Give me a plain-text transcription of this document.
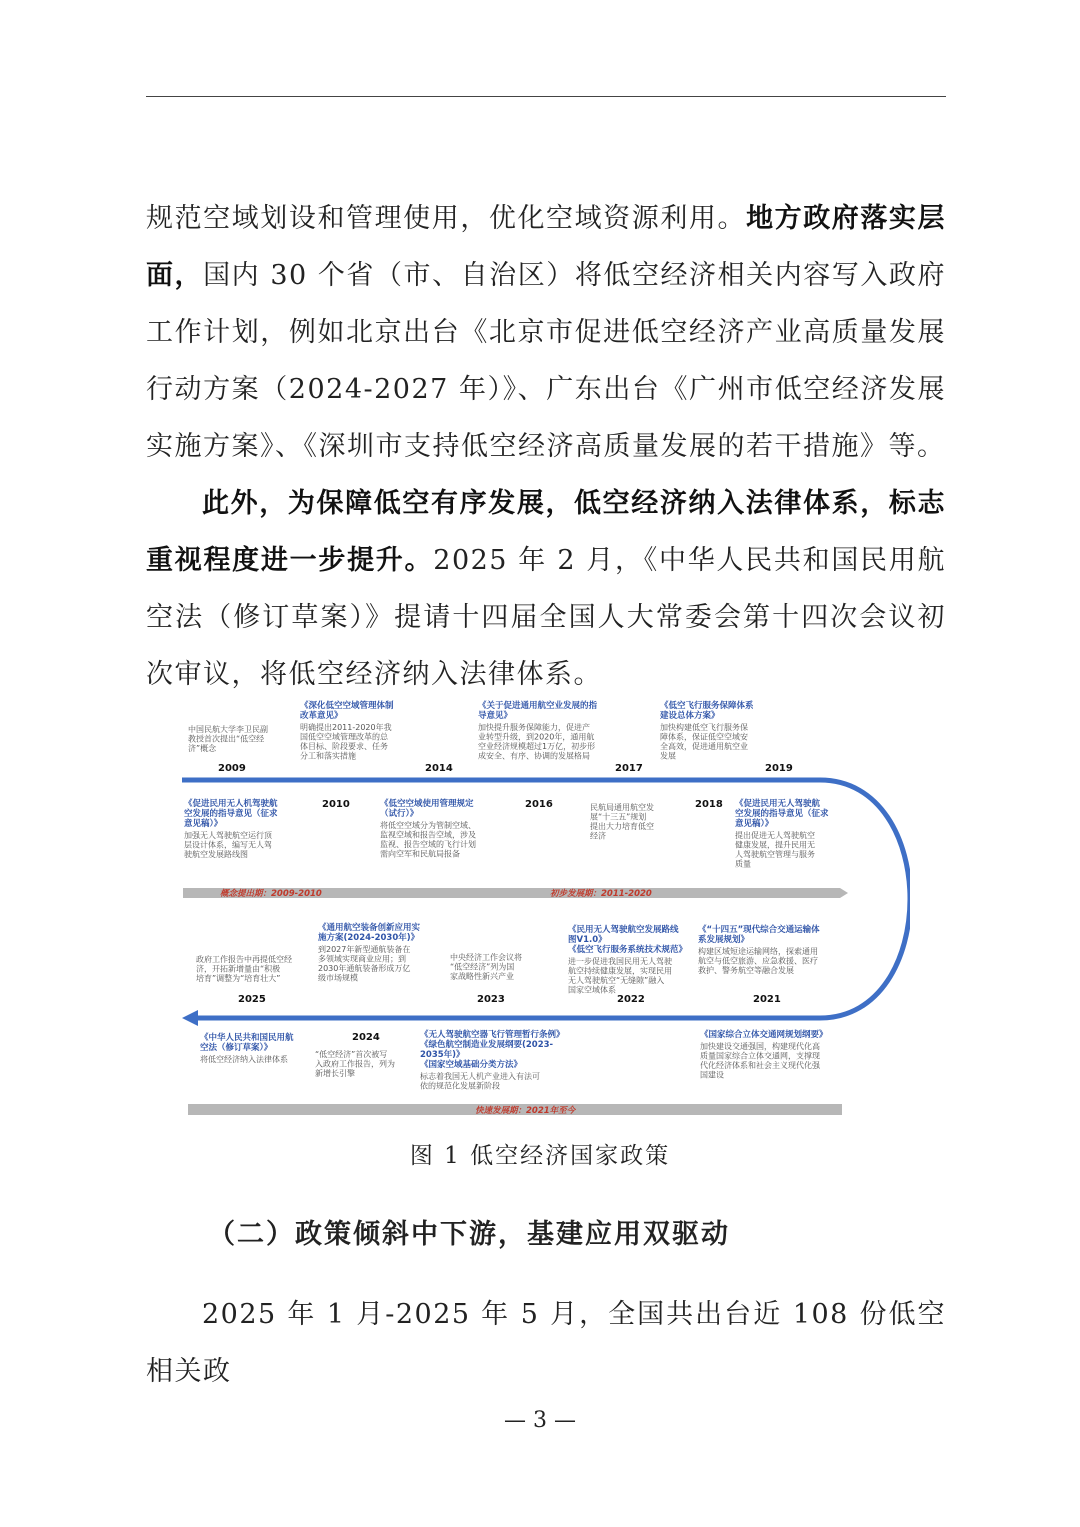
规范空域划设和管理使用，优化空域资源利用。地方政府落实层面，国内 30 个省（市、自治区）将低空经济相关内容写入政府工作计划，例如北京出台《北京市促进低空经济产业高质量发展行动方案（2024-2027 年）》、广东出台《广州市低空经济发展实施方案》、《深圳市支持低空经济高质量发展的若干措施》等。

此外，为保障低空有序发展，低空经济纳入法律体系，标志重视程度进一步提升。2025 年 2 月，《中华人民共和国民用航空法（修订草案）》提请十四届全国人大常委会第十四次会议初次审议，将低空经济纳入法律体系。

概念提出期：2009-2010	初步发展期：2011-2020
快速发展期：2021年至今
中国民航大学李卫民副
教授首次提出“低空经
济”概念
2009
《深化低空空域管理体制
改革意见》
明确提出2011-2020年我
国低空空域管理改革的总
体目标、阶段要求、任务
分工和落实措施
2014
《关于促进通用航空业发展的指
导意见》
加快提升服务保障能力，促进产
业转型升级，到2020年，通用航
空业经济规模超过1万亿，初步形
成安全、有序、协调的发展格局
2017
《低空飞行服务保障体系
建设总体方案》
加快构建低空飞行服务保
障体系，保证低空空域安
全高效，促进通用航空业
发展
2019
《促进民用无人机驾驶航
空发展的指导意见（征求
意见稿）》
加强无人驾驶航空运行顶
层设计体系，编写无人驾
驶航空发展路线图
2010	《低空空域使用管理规定
（试行）》
将低空空域分为管制空域、
监视空域和报告空域，涉及
监视、报告空域的飞行计划
需向空军和民航局报备
2016	民航局通用航空发
展“十三五”规划
提出大力培育低空
经济
2018 《促进民用无人驾驶航
空发展的指导意见（征求
意见稿）》
提出促进无人驾驶航空
健康发展，提升民用无
人驾驶航空管理与服务
质量
政府工作报告中再提低空经
济，开拓新增量由“积极
培育”调整为“培育壮大”
2025
《通用航空装备创新应用实
施方案(2024-2030年)》
到2027年新型通航装备在
多领域实现商业应用；到
2030年通航装备形成万亿
级市场规模
2023
《民用无人驾驶航空发展路线
图V1.0》
《低空飞行服务系统技术规范》
进一步促进我国民用无人驾驶
航空持续健康发展，实现民用
无人驾驶航空“无缝隙”融入
国家空域体系
2022
《“十四五”现代综合交通运输体
系发展规划》
构建区域短途运输网络，探索通用
航空与低空旅游、应急救援、医疗
救护、警务航空等融合发展
2021
中央经济工作会议将
“低空经济”列为国
家战略性新兴产业
《中华人民共和国民用航
空法（修订草案）》
将低空经济纳入法律体系
2024
“低空经济”首次被写
入政府工作报告，列为
新增长引擎
《无人驾驶航空器飞行管理暂行条例》
《绿色航空制造业发展纲要(2023-
2035年)》
《国家空域基础分类方法》
标志着我国无人机产业进入有法可
依的规范化发展新阶段
《国家综合立体交通网规划纲要》
加快建设交通强国，构建现代化高
质量国家综合立体交通网，支撑现
代化经济体系和社会主义现代化强
国建设
图 1 低空经济国家政策
（二）政策倾斜中下游，基建应用双驱动

2025 年 1 月-2025 年 5 月，全国共出台近 108 份低空相关政

— 3 —
